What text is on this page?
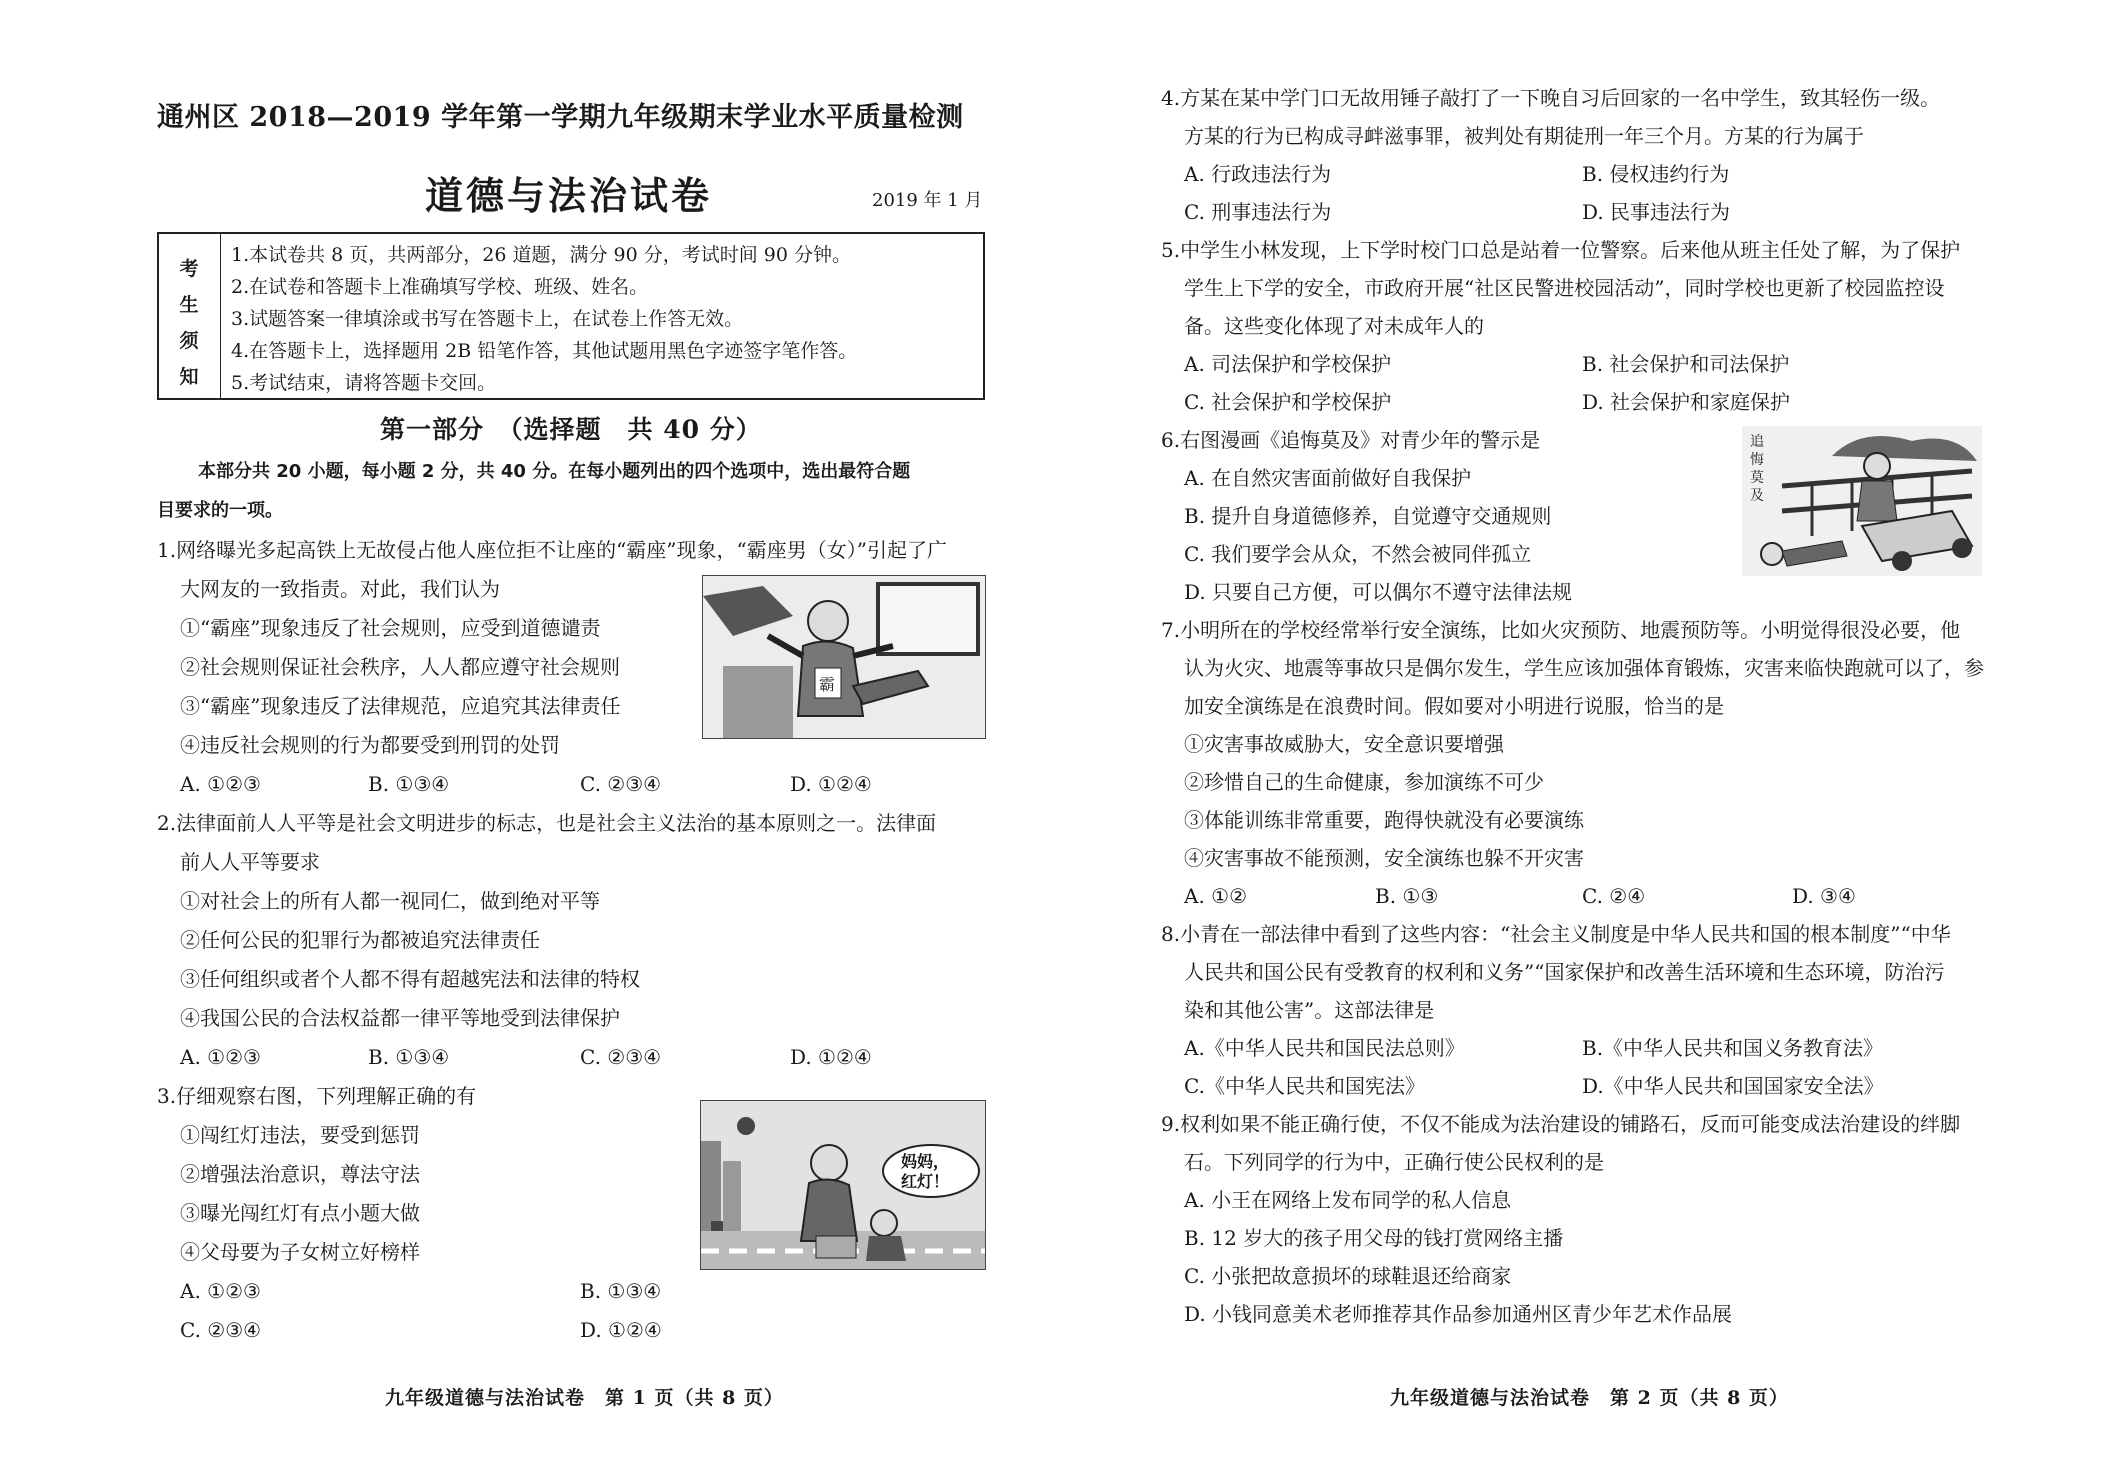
通州区 2018—2019 学年第一学期九年级期末学业水平质量检测
道德与法治试卷	2019 年 1 月
考
生
须
知
1.本试卷共 8 页，共两部分，26 道题，满分 90 分，考试时间 90 分钟。
2.在试卷和答题卡上准确填写学校、班级、姓名。
3.试题答案一律填涂或书写在答题卡上，在试卷上作答无效。
4.在答题卡上，选择题用 2B 铅笔作答，其他试题用黑色字迹签字笔作答。
5.考试结束，请将答题卡交回。
第一部分　（选择题　共 40 分）
本部分共 20 小题，每小题 2 分，共 40 分。在每小题列出的四个选项中，选出最符合题
目要求的一项。
1.网络曝光多起高铁上无故侵占他人座位拒不让座的“霸座”现象，“霸座男（女）”引起了广
大网友的一致指责。对此，我们认为
①“霸座”现象违反了社会规则，应受到道德谴责
②社会规则保证社会秩序，人人都应遵守社会规则
③“霸座”现象违反了法律规范，应追究其法律责任
④违反社会规则的行为都要受到刑罚的处罚
A. ①②③	B. ①③④	C. ②③④	D. ①②④
霸
2.法律面前人人平等是社会文明进步的标志，也是社会主义法治的基本原则之一。法律面
前人人平等要求
①对社会上的所有人都一视同仁，做到绝对平等
②任何公民的犯罪行为都被追究法律责任
③任何组织或者个人都不得有超越宪法和法律的特权
④我国公民的合法权益都一律平等地受到法律保护
A. ①②③	B. ①③④	C. ②③④	D. ①②④
3.仔细观察右图，下列理解正确的有
①闯红灯违法，要受到惩罚
②增强法治意识，尊法守法
③曝光闯红灯有点小题大做
④父母要为子女树立好榜样
A. ①②③	B. ①③④
C. ②③④	D. ①②④
妈妈，
红灯！
九年级道德与法治试卷　第 1 页（共 8 页）
4.方某在某中学门口无故用锤子敲打了一下晚自习后回家的一名中学生，致其轻伤一级。
方某的行为已构成寻衅滋事罪，被判处有期徒刑一年三个月。方某的行为属于
A. 行政违法行为	B. 侵权违约行为
C. 刑事违法行为	D. 民事违法行为
5.中学生小林发现，上下学时校门口总是站着一位警察。后来他从班主任处了解，为了保护
学生上下学的安全，市政府开展“社区民警进校园活动”，同时学校也更新了校园监控设
备。这些变化体现了对未成年人的
A. 司法保护和学校保护	B. 社会保护和司法保护
C. 社会保护和学校保护	D. 社会保护和家庭保护
6.右图漫画《追悔莫及》对青少年的警示是
A. 在自然灾害面前做好自我保护
B. 提升自身道德修养，自觉遵守交通规则
C. 我们要学会从众，不然会被同伴孤立
D. 只要自己方便，可以偶尔不遵守法律法规
追 悔 莫 及
7.小明所在的学校经常举行安全演练，比如火灾预防、地震预防等。小明觉得很没必要，他
认为火灾、地震等事故只是偶尔发生，学生应该加强体育锻炼，灾害来临快跑就可以了，参
加安全演练是在浪费时间。假如要对小明进行说服，恰当的是
①灾害事故威胁大，安全意识要增强
②珍惜自己的生命健康，参加演练不可少
③体能训练非常重要，跑得快就没有必要演练
④灾害事故不能预测，安全演练也躲不开灾害
A. ①②	B. ①③	C. ②④	D. ③④
8.小青在一部法律中看到了这些内容：“社会主义制度是中华人民共和国的根本制度”“中华
人民共和国公民有受教育的权利和义务”“国家保护和改善生活环境和生态环境，防治污
染和其他公害”。这部法律是
A.《中华人民共和国民法总则》	B.《中华人民共和国义务教育法》
C.《中华人民共和国宪法》	D.《中华人民共和国国家安全法》
9.权利如果不能正确行使，不仅不能成为法治建设的铺路石，反而可能变成法治建设的绊脚
石。下列同学的行为中，正确行使公民权利的是
A. 小王在网络上发布同学的私人信息
B. 12 岁大的孩子用父母的钱打赏网络主播
C. 小张把故意损坏的球鞋退还给商家
D. 小钱同意美术老师推荐其作品参加通州区青少年艺术作品展
九年级道德与法治试卷　第 2 页（共 8 页）
